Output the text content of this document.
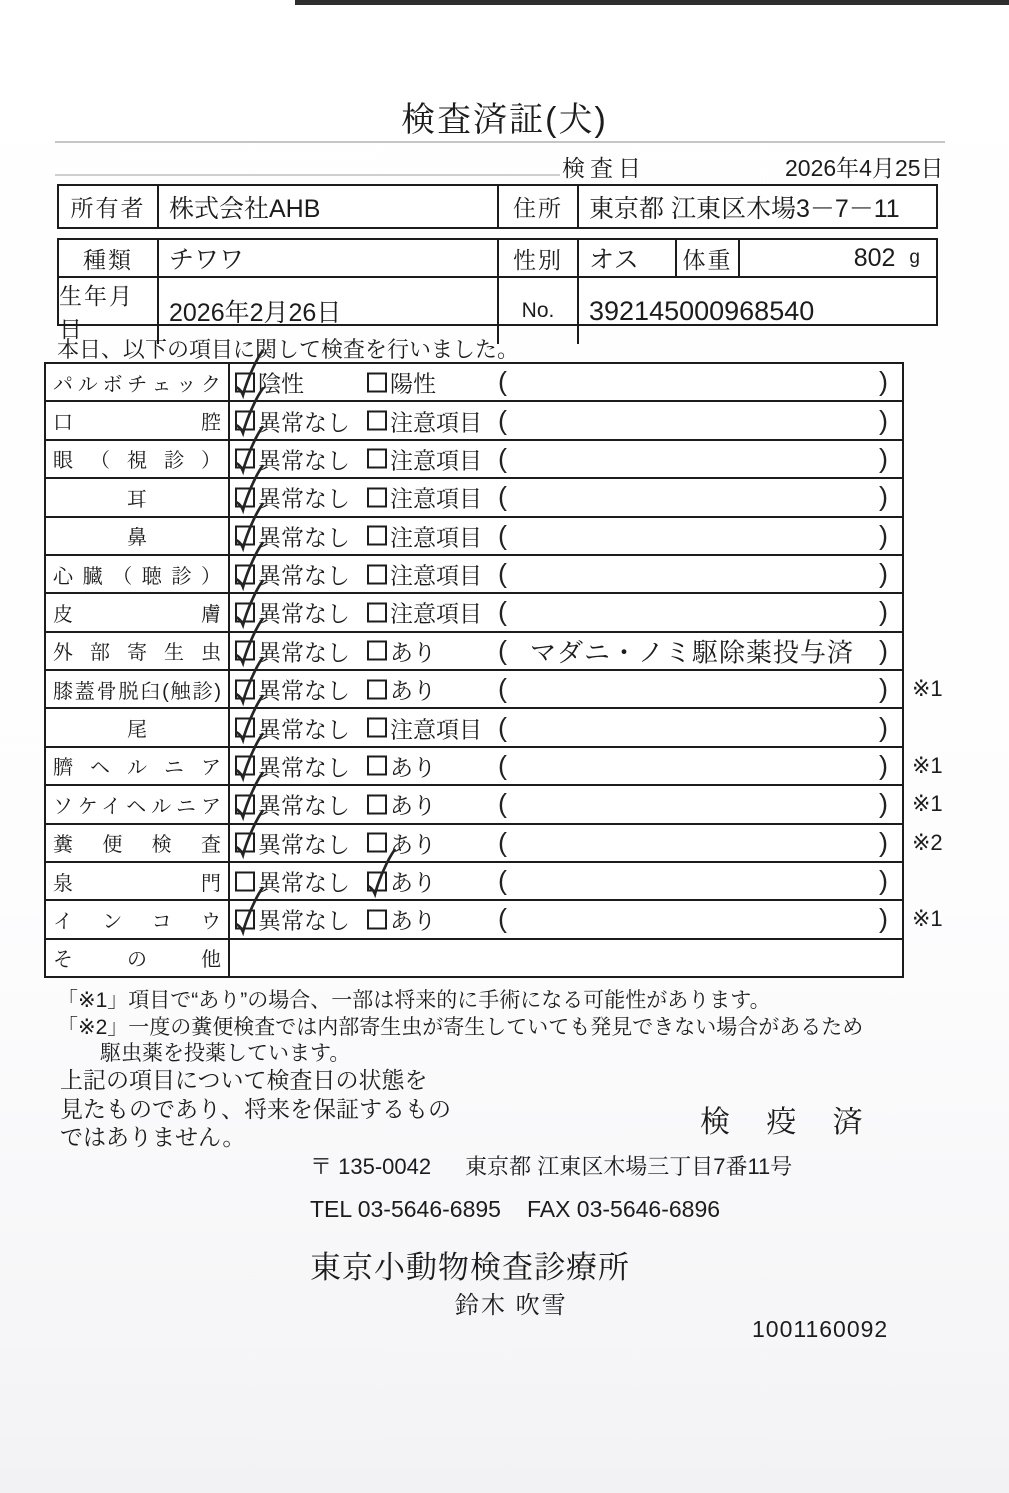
検査済証(犬)
検査日	2026年4月25日
所有者 株式会社AHB	住所	東京都 江東区木場3－7－11
種類	チワワ	性別	オス	体重	802 g
生年月日
2026年2月26日	No.	392145000968540
本日、以下の項目に関して検査を行いました。
パルボチェック 陰性	陽性 (	)
口腔 異常なし 注意項目 (	)
眼（視診） 異常なし 注意項目 (	)
耳	異常なし 注意項目 (	)
鼻	異常なし 注意項目 (	)
心臓（聴診） 異常なし 注意項目 (	)
皮膚 異常なし 注意項目 (	)
外部寄生虫 異常なし あり ( マダニ・ノミ駆除薬投与済 )
膝蓋骨脱臼(触診) 異常なし あり (	) ※1
尾	異常なし 注意項目 (	)
臍ヘルニア 異常なし あり (	) ※1
ソケイヘルニア 異常なし あり (	) ※1
糞便検査 異常なし あり (	) ※2
泉門 異常なし あり (	)
インコウ 異常なし あり (	) ※1
その他
「※1」項目で“あり”の場合、一部は将来的に手術になる可能性があります。
「※2」一度の糞便検査では内部寄生虫が寄生していても発見できない場合があるため
駆虫薬を投薬しています。
上記の項目について検査日の状態を
見たものであり、将来を保証するもの
ではありません。	検 疫 済
〒 135-0042 東京都 江東区木場三丁目7番11号
TEL 03-5646-6895 FAX 03-5646-6896
東京小動物検査診療所
鈴木 吹雪
1001160092
